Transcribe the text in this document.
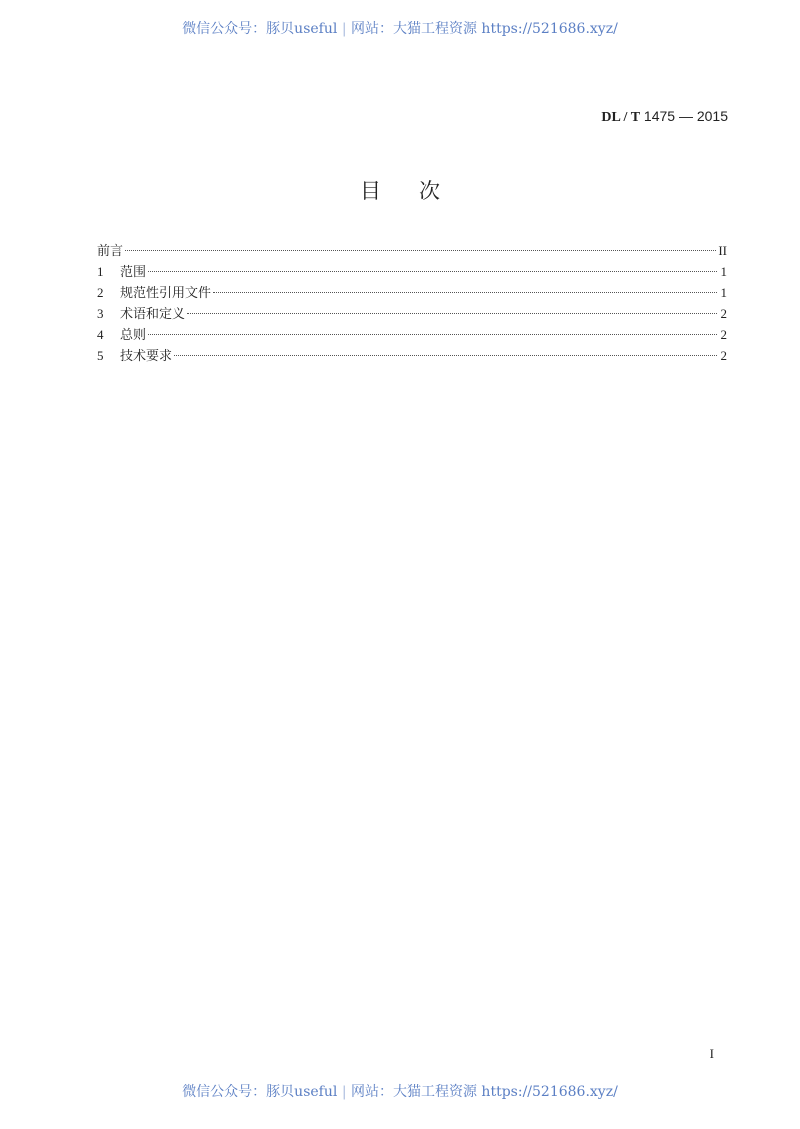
微信公众号：豚贝useful | 网站：大猫工程资源 https://521686.xyz/
DL / T 1475 — 2015
目次
前言	II
1	范围	1
2	规范性引用文件	1
3	术语和定义	2
4	总则	2
5	技术要求	2
I
微信公众号：豚贝useful | 网站：大猫工程资源 https://521686.xyz/
